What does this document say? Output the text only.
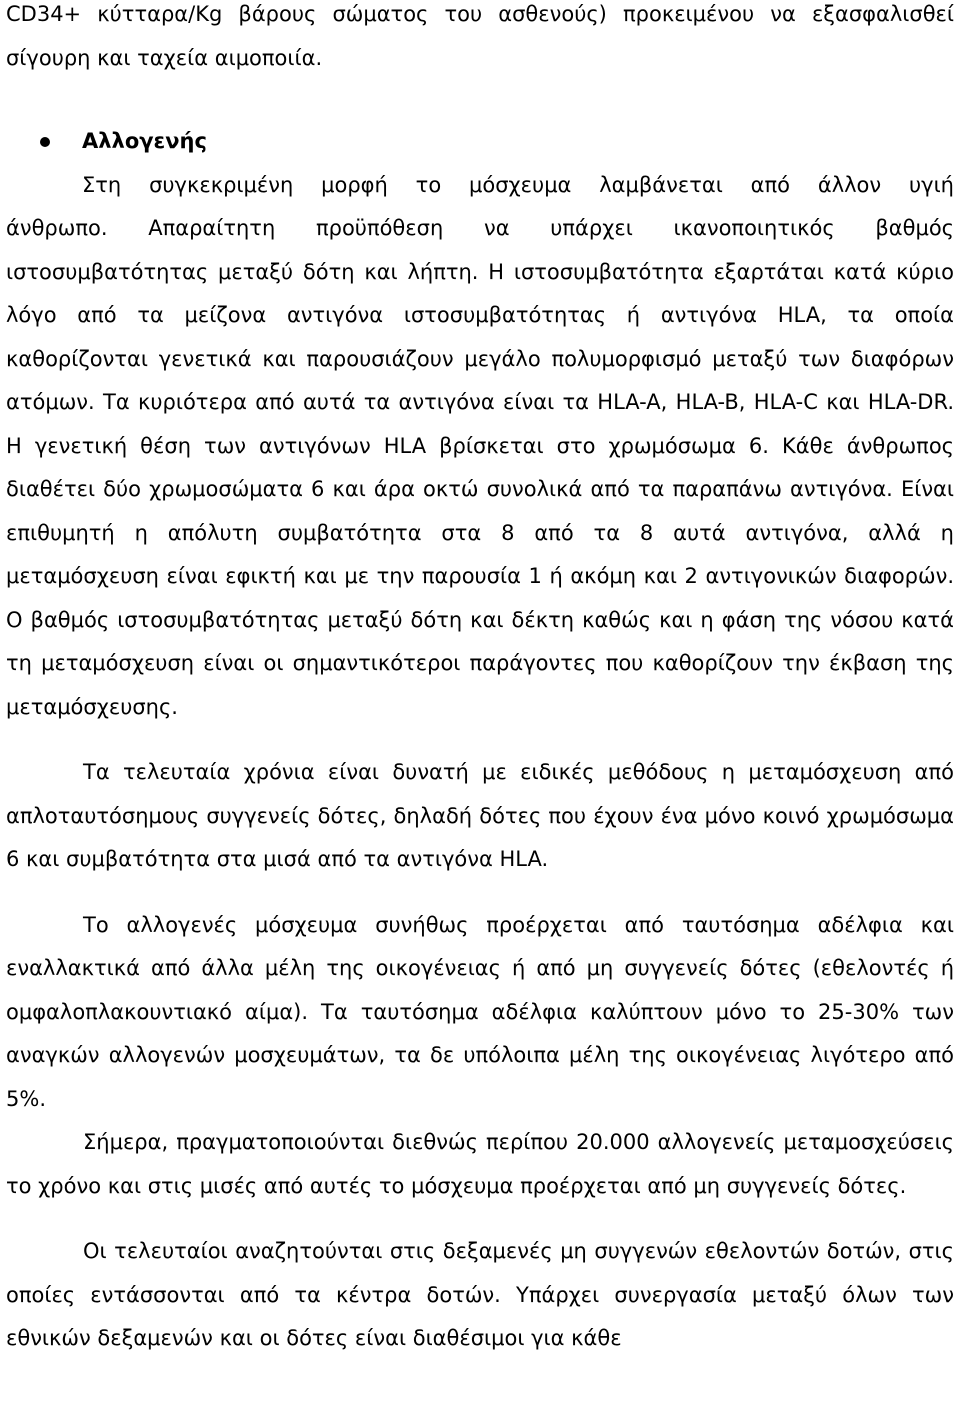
CD34+ κύτταρα/Kg βάρους σώματος του ασθενούς) προκειμένου να εξασφαλισθεί σίγουρη και ταχεία αιμοποιία.

Αλλογενής

Στη συγκεκριμένη μορφή το μόσχευμα λαμβάνεται από άλλον υγιή

άνθρωπο. Απαραίτητη προϋπόθεση να υπάρχει ικανοποιητικός βαθμός ιστοσυμβατότητας μεταξύ δότη και λήπτη. Η ιστοσυμβατότητα εξαρτάται κατά κύριο λόγο από τα μείζονα αντιγόνα ιστοσυμβατότητας ή αντιγόνα HLA, τα οποία καθορίζονται γενετικά και παρουσιάζουν μεγάλο πολυμορφισμό μεταξύ των διαφόρων ατόμων. Τα κυριότερα από αυτά τα αντιγόνα είναι τα HLA-A, HLA-B, HLA-C και HLA-DR. Η γενετική θέση των αντιγόνων HLA βρίσκεται στο χρωμόσωμα 6. Κάθε άνθρωπος διαθέτει δύο χρωμοσώματα 6 και άρα οκτώ συνολικά από τα παραπάνω αντιγόνα. Είναι επιθυμητή η απόλυτη συμβατότητα στα 8 από τα 8 αυτά αντιγόνα, αλλά η μεταμόσχευση είναι εφικτή και με την παρουσία 1 ή ακόμη και 2 αντιγονικών διαφορών. Ο βαθμός ιστοσυμβατότητας μεταξύ δότη και δέκτη καθώς και η φάση της νόσου κατά τη μεταμόσχευση είναι οι σημαντικότεροι παράγοντες που καθορίζουν την έκβαση της μεταμόσχευσης.

Τα τελευταία χρόνια είναι δυνατή με ειδικές μεθόδους η μεταμόσχευση από απλοταυτόσημους συγγενείς δότες, δηλαδή δότες που έχουν ένα μόνο κοινό χρωμόσωμα 6 και συμβατότητα στα μισά από τα αντιγόνα HLA.

Το αλλογενές μόσχευμα συνήθως προέρχεται από ταυτόσημα αδέλφια και εναλλακτικά από άλλα μέλη της οικογένειας ή από μη συγγενείς δότες (εθελοντές ή ομφαλοπλακουντιακό αίμα). Τα ταυτόσημα αδέλφια καλύπτουν μόνο το 25-30% των αναγκών αλλογενών μοσχευμάτων, τα δε υπόλοιπα μέλη της οικογένειας λιγότερο από 5%.

Σήμερα, πραγματοποιούνται διεθνώς περίπου 20.000 αλλογενείς μεταμοσχεύσεις το χρόνο και στις μισές από αυτές το μόσχευμα προέρχεται από μη συγγενείς δότες.

Οι τελευταίοι αναζητούνται στις δεξαμενές μη συγγενών εθελοντών δοτών, στις οποίες εντάσσονται από τα κέντρα δοτών. Υπάρχει συνεργασία μεταξύ όλων των εθνικών δεξαμενών και οι δότες είναι διαθέσιμοι για κάθε
